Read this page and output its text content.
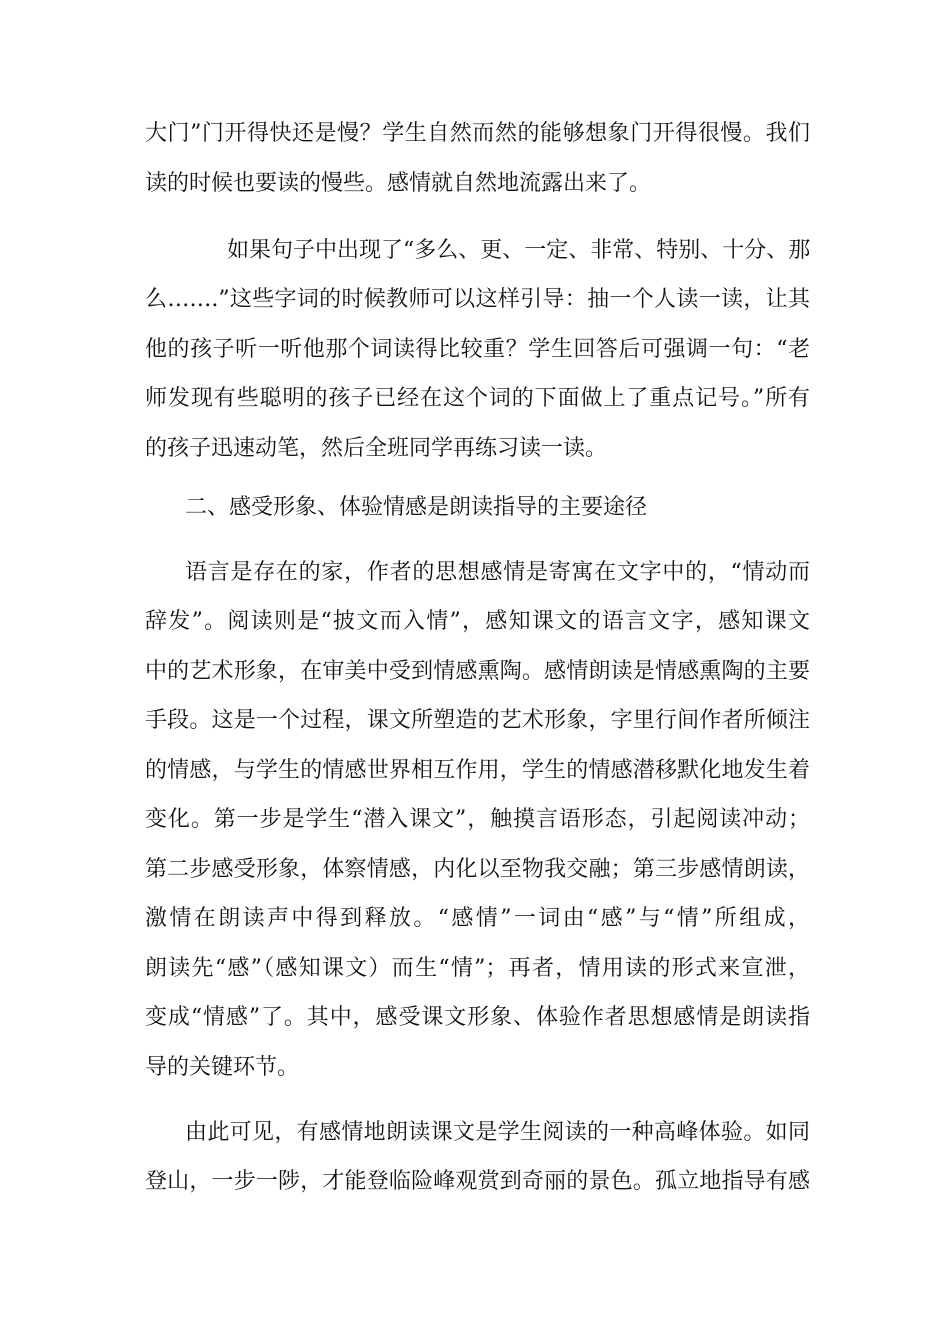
大门”门开得快还是慢？学生自然而然的能够想象门开得很慢。我们
读的时候也要读的慢些。感情就自然地流露出来了。
如果句子中出现了“多么、更、一定、非常、特别、十分、那
么…….”这些字词的时候教师可以这样引导：抽一个人读一读，让其
他的孩子听一听他那个词读得比较重？学生回答后可强调一句：“老
师发现有些聪明的孩子已经在这个词的下面做上了重点记号。”所有
的孩子迅速动笔，然后全班同学再练习读一读。
二、感受形象、体验情感是朗读指导的主要途径
语言是存在的家，作者的思想感情是寄寓在文字中的，“情动而
辞发”。阅读则是“披文而入情”，感知课文的语言文字，感知课文
中的艺术形象，在审美中受到情感熏陶。感情朗读是情感熏陶的主要
手段。这是一个过程，课文所塑造的艺术形象，字里行间作者所倾注
的情感，与学生的情感世界相互作用，学生的情感潜移默化地发生着
变化。第一步是学生“潜入课文”，触摸言语形态，引起阅读冲动；
第二步感受形象，体察情感，内化以至物我交融；第三步感情朗读，
激情在朗读声中得到释放。“感情”一词由“感”与“情”所组成，
朗读先“感”（感知课文）而生“情”；再者，情用读的形式来宣泄，
变成“情感”了。其中，感受课文形象、体验作者思想感情是朗读指
导的关键环节。
由此可见，有感情地朗读课文是学生阅读的一种高峰体验。如同
登山，一步一陟，才能登临险峰观赏到奇丽的景色。孤立地指导有感
